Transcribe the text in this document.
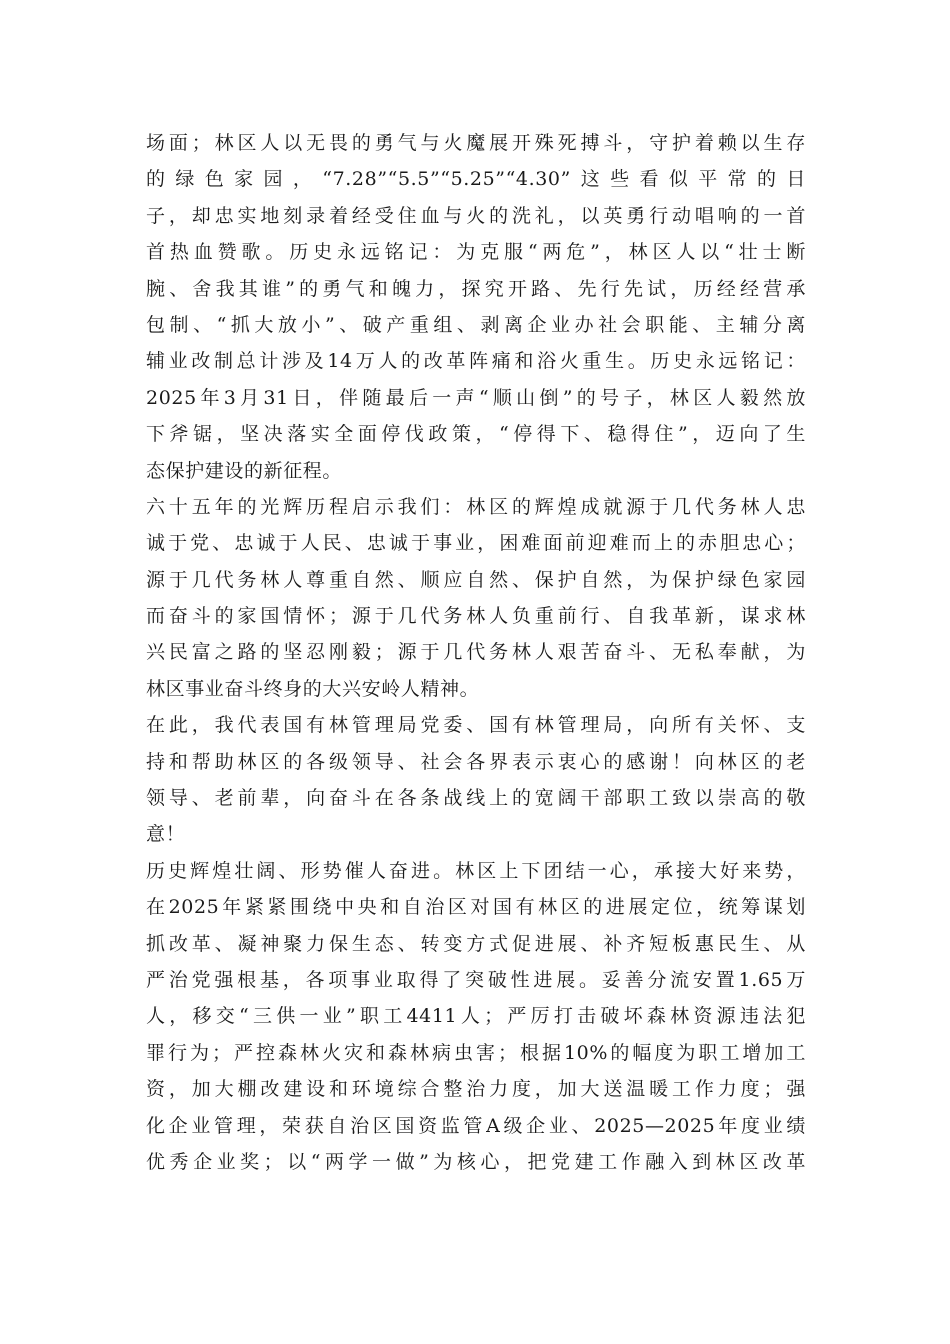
场面；林区人以无畏的勇气与火魔展开殊死搏斗，守护着赖以生存
的绿色家园，“7.28”“5.5”“5.25”“4.30”这些看似平常的日
子，却忠实地刻录着经受住血与火的洗礼，以英勇行动唱响的一首
首热血赞歌。历史永远铭记：为克服“两危”，林区人以“壮士断
腕、舍我其谁”的勇气和魄力，探究开路、先行先试，历经经营承
包制、“抓大放小”、破产重组、剥离企业办社会职能、主辅分离
辅业改制总计涉及14万人的改革阵痛和浴火重生。历史永远铭记：
2025年3月31日，伴随最后一声“顺山倒”的号子，林区人毅然放
下斧锯，坚决落实全面停伐政策，“停得下、稳得住”，迈向了生
态保护建设的新征程。
六十五年的光辉历程启示我们：林区的辉煌成就源于几代务林人忠
诚于党、忠诚于人民、忠诚于事业，困难面前迎难而上的赤胆忠心；
源于几代务林人尊重自然、顺应自然、保护自然，为保护绿色家园
而奋斗的家国情怀；源于几代务林人负重前行、自我革新，谋求林
兴民富之路的坚忍刚毅；源于几代务林人艰苦奋斗、无私奉献，为
林区事业奋斗终身的大兴安岭人精神。
在此，我代表国有林管理局党委、国有林管理局，向所有关怀、支
持和帮助林区的各级领导、社会各界表示衷心的感谢！向林区的老
领导、老前辈，向奋斗在各条战线上的宽阔干部职工致以崇高的敬
意！
历史辉煌壮阔、形势催人奋进。林区上下团结一心，承接大好来势，
在2025年紧紧围绕中央和自治区对国有林区的进展定位，统筹谋划
抓改革、凝神聚力保生态、转变方式促进展、补齐短板惠民生、从
严治党强根基，各项事业取得了突破性进展。妥善分流安置1.65万
人，移交“三供一业”职工4411人；严厉打击破坏森林资源违法犯
罪行为；严控森林火灾和森林病虫害；根据10%的幅度为职工增加工
资，加大棚改建设和环境综合整治力度，加大送温暖工作力度；强
化企业管理，荣获自治区国资监管A级企业、2025—2025年度业绩
优秀企业奖；以“两学一做”为核心，把党建工作融入到林区改革
